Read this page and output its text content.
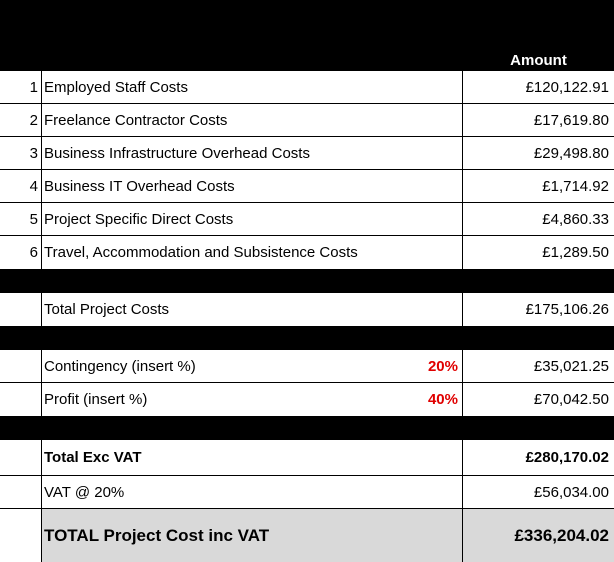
Amount
1 Employed Staff Costs	£120,122.91
2 Freelance Contractor Costs	£17,619.80
3 Business Infrastructure Overhead Costs	£29,498.80
4 Business IT Overhead Costs	£1,714.92
5 Project Specific Direct Costs	£4,860.33
6 Travel, Accommodation and Subsistence Costs	£1,289.50
Total Project Costs	£175,106.26
Contingency (insert %)	20%	£35,021.25
Profit (insert %)	40%	£70,042.50
Total Exc VAT	£280,170.02
VAT @ 20%	£56,034.00
TOTAL Project Cost inc VAT	£336,204.02
